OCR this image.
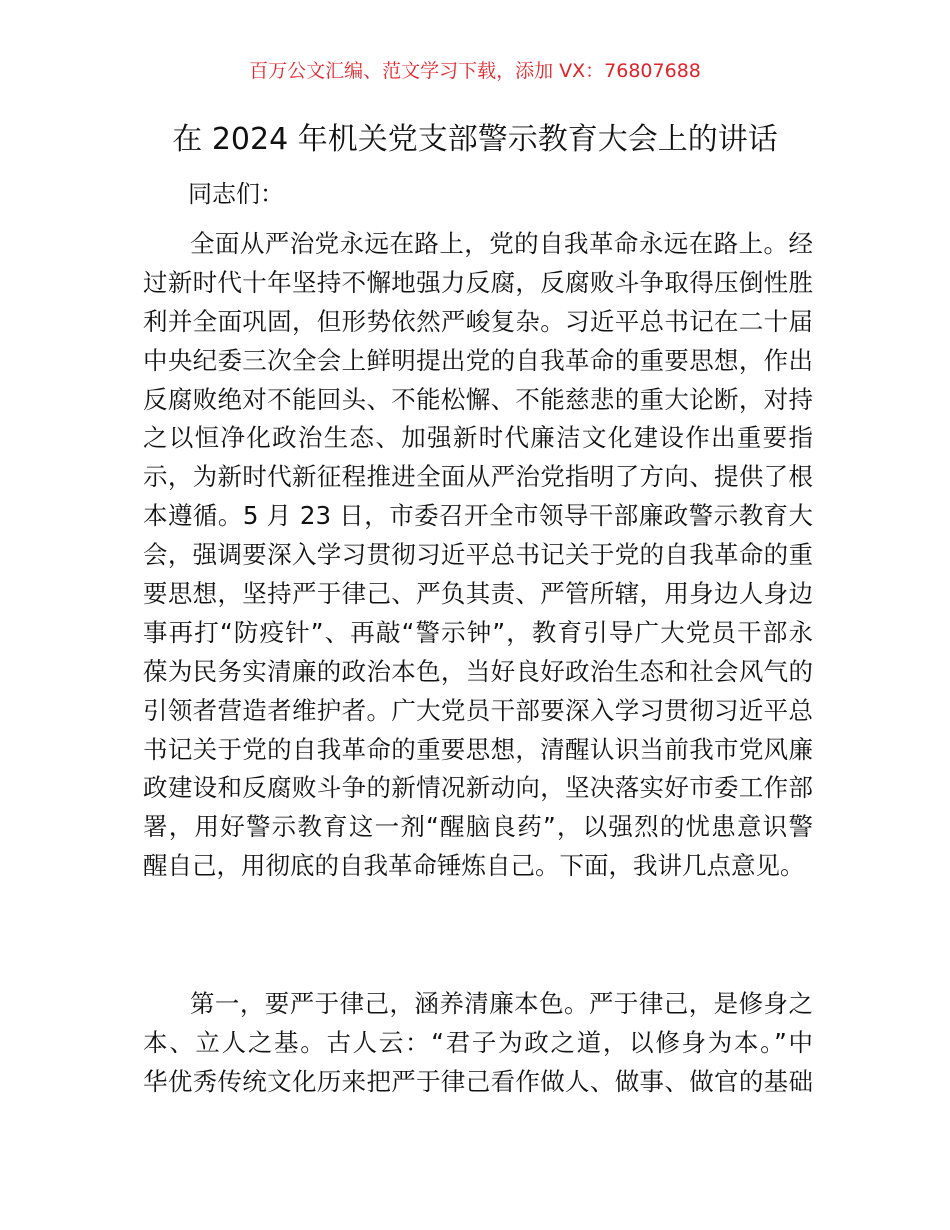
百万公文汇编、范文学习下载，添加 VX：76807688
在 2024 年机关党支部警示教育大会上的讲话
同志们：
全面从严治党永远在路上，党的自我革命永远在路上。经
过新时代十年坚持不懈地强力反腐，反腐败斗争取得压倒性胜
利并全面巩固，但形势依然严峻复杂。习近平总书记在二十届
中央纪委三次全会上鲜明提出党的自我革命的重要思想，作出
反腐败绝对不能回头、不能松懈、不能慈悲的重大论断，对持
之以恒净化政治生态、加强新时代廉洁文化建设作出重要指
示，为新时代新征程推进全面从严治党指明了方向、提供了根
本遵循。5 月 23 日，市委召开全市领导干部廉政警示教育大
会，强调要深入学习贯彻习近平总书记关于党的自我革命的重
要思想，坚持严于律己、严负其责、严管所辖，用身边人身边
事再打“防疫针”、再敲“警示钟”，教育引导广大党员干部永
葆为民务实清廉的政治本色，当好良好政治生态和社会风气的
引领者营造者维护者。广大党员干部要深入学习贯彻习近平总
书记关于党的自我革命的重要思想，清醒认识当前我市党风廉
政建设和反腐败斗争的新情况新动向，坚决落实好市委工作部
署，用好警示教育这一剂“醒脑良药”，以强烈的忧患意识警
醒自己，用彻底的自我革命锤炼自己。下面，我讲几点意见。
第一，要严于律己，涵养清廉本色。严于律己，是修身之
本、立人之基。古人云：“君子为政之道，以修身为本。”中
华优秀传统文化历来把严于律己看作做人、做事、做官的基础
